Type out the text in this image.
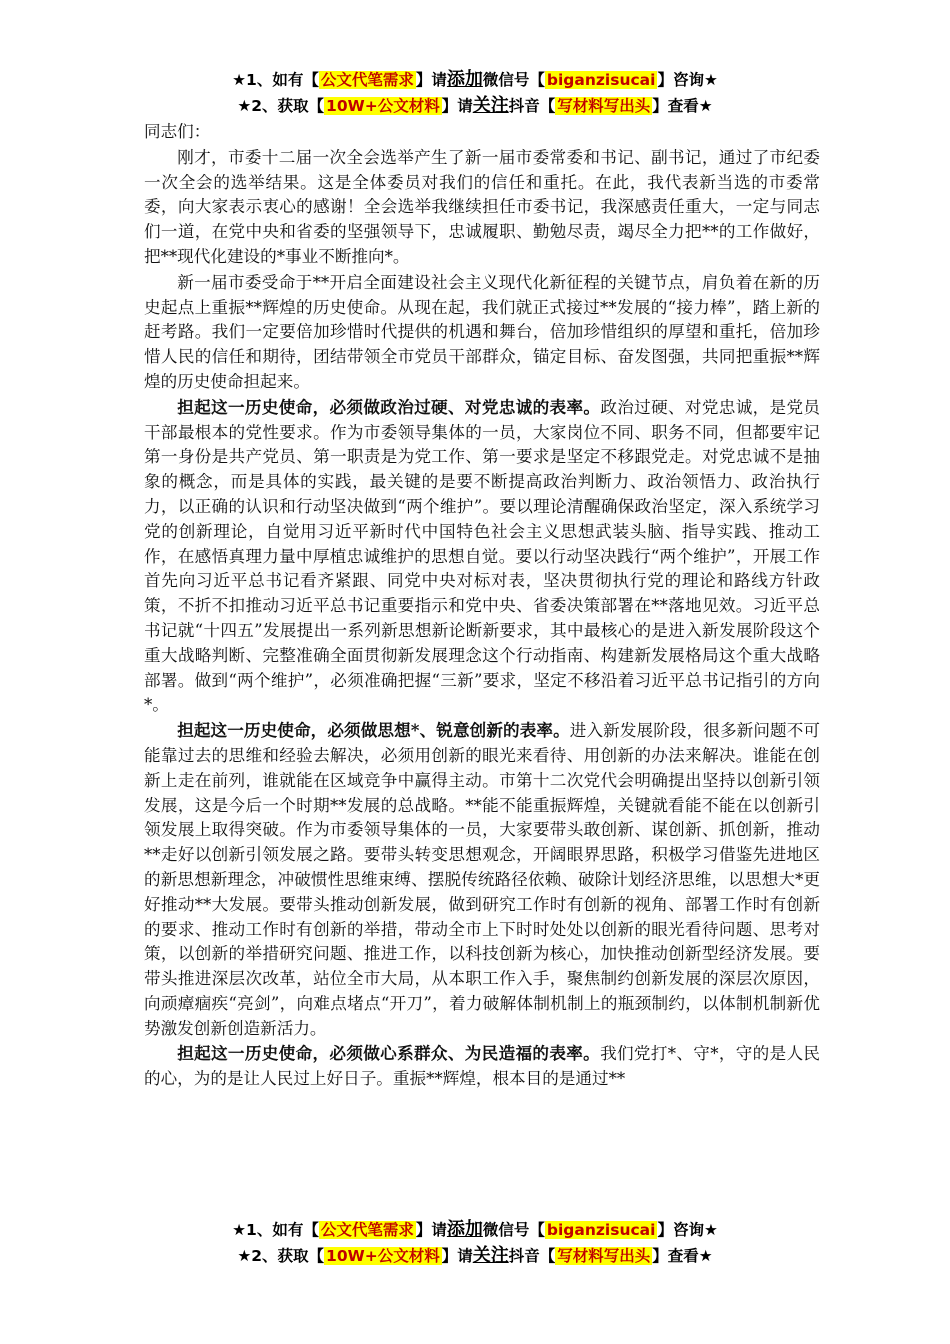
★1、如有【 公文代笔需求 】请添加微信号【 biganzisucai 】咨询★
★2、获取【 10W+公文材料 】请关注抖音【 写材料写出头 】查看★

同志们：

刚才，市委十二届一次全会选举产生了新一届市委常委和书记、副书记，通过了市纪委一次全会的选举结果。这是全体委员对我们的信任和重托。在此，我代表新当选的市委常委，向大家表示衷心的感谢！全会选举我继续担任市委书记，我深感责任重大，一定与同志们一道，在党中央和省委的坚强领导下，忠诚履职、勤勉尽责，竭尽全力把**的工作做好，把**现代化建设的*事业不断推向*。

新一届市委受命于**开启全面建设社会主义现代化新征程的关键节点，肩负着在新的历史起点上重振**辉煌的历史使命。从现在起，我们就正式接过**发展的“接力棒”，踏上新的赶考路。我们一定要倍加珍惜时代提供的机遇和舞台，倍加珍惜组织的厚望和重托，倍加珍惜人民的信任和期待，团结带领全市党员干部群众，锚定目标、奋发图强，共同把重振**辉煌的历史使命担起来。

担起这一历史使命，必须做政治过硬、对党忠诚的表率。政治过硬、对党忠诚，是党员干部最根本的党性要求。作为市委领导集体的一员，大家岗位不同、职务不同，但都要牢记第一身份是共产党员、第一职责是为党工作、第一要求是坚定不移跟党走。对党忠诚不是抽象的概念，而是具体的实践，最关键的是要不断提高政治判断力、政治领悟力、政治执行力，以正确的认识和行动坚决做到“两个维护”。要以理论清醒确保政治坚定，深入系统学习党的创新理论，自觉用习近平新时代中国特色社会主义思想武装头脑、指导实践、推动工作，在感悟真理力量中厚植忠诚维护的思想自觉。要以行动坚决践行“两个维护”，开展工作首先向习近平总书记看齐紧跟、同党中央对标对表，坚决贯彻执行党的理论和路线方针政策，不折不扣推动习近平总书记重要指示和党中央、省委决策部署在**落地见效。习近平总书记就“十四五”发展提出一系列新思想新论断新要求，其中最核心的是进入新发展阶段这个重大战略判断、完整准确全面贯彻新发展理念这个行动指南、构建新发展格局这个重大战略部署。做到“两个维护”，必须准确把握“三新”要求，坚定不移沿着习近平总书记指引的方向*。

担起这一历史使命，必须做思想*、锐意创新的表率。进入新发展阶段，很多新问题不可能靠过去的思维和经验去解决，必须用创新的眼光来看待、用创新的办法来解决。谁能在创新上走在前列，谁就能在区域竞争中赢得主动。市第十二次党代会明确提出坚持以创新引领发展，这是今后一个时期**发展的总战略。**能不能重振辉煌，关键就看能不能在以创新引领发展上取得突破。作为市委领导集体的一员，大家要带头敢创新、谋创新、抓创新，推动**走好以创新引领发展之路。要带头转变思想观念，开阔眼界思路，积极学习借鉴先进地区的新思想新理念，冲破惯性思维束缚、摆脱传统路径依赖、破除计划经济思维，以思想大*更好推动**大发展。要带头推动创新发展，做到研究工作时有创新的视角、部署工作时有创新的要求、推动工作时有创新的举措，带动全市上下时时处处以创新的眼光看待问题、思考对策，以创新的举措研究问题、推进工作，以科技创新为核心，加快推动创新型经济发展。要带头推进深层次改革，站位全市大局，从本职工作入手，聚焦制约创新发展的深层次原因，向顽瘴痼疾“亮剑”，向难点堵点“开刀”，着力破解体制机制上的瓶颈制约，以体制机制新优势激发创新创造新活力。

担起这一历史使命，必须做心系群众、为民造福的表率。我们党打*、守*，守的是人民的心，为的是让人民过上好日子。重振**辉煌，根本目的是通过**

★1、如有【 公文代笔需求 】请添加微信号【 biganzisucai 】咨询★
★2、获取【 10W+公文材料 】请关注抖音【 写材料写出头 】查看★
